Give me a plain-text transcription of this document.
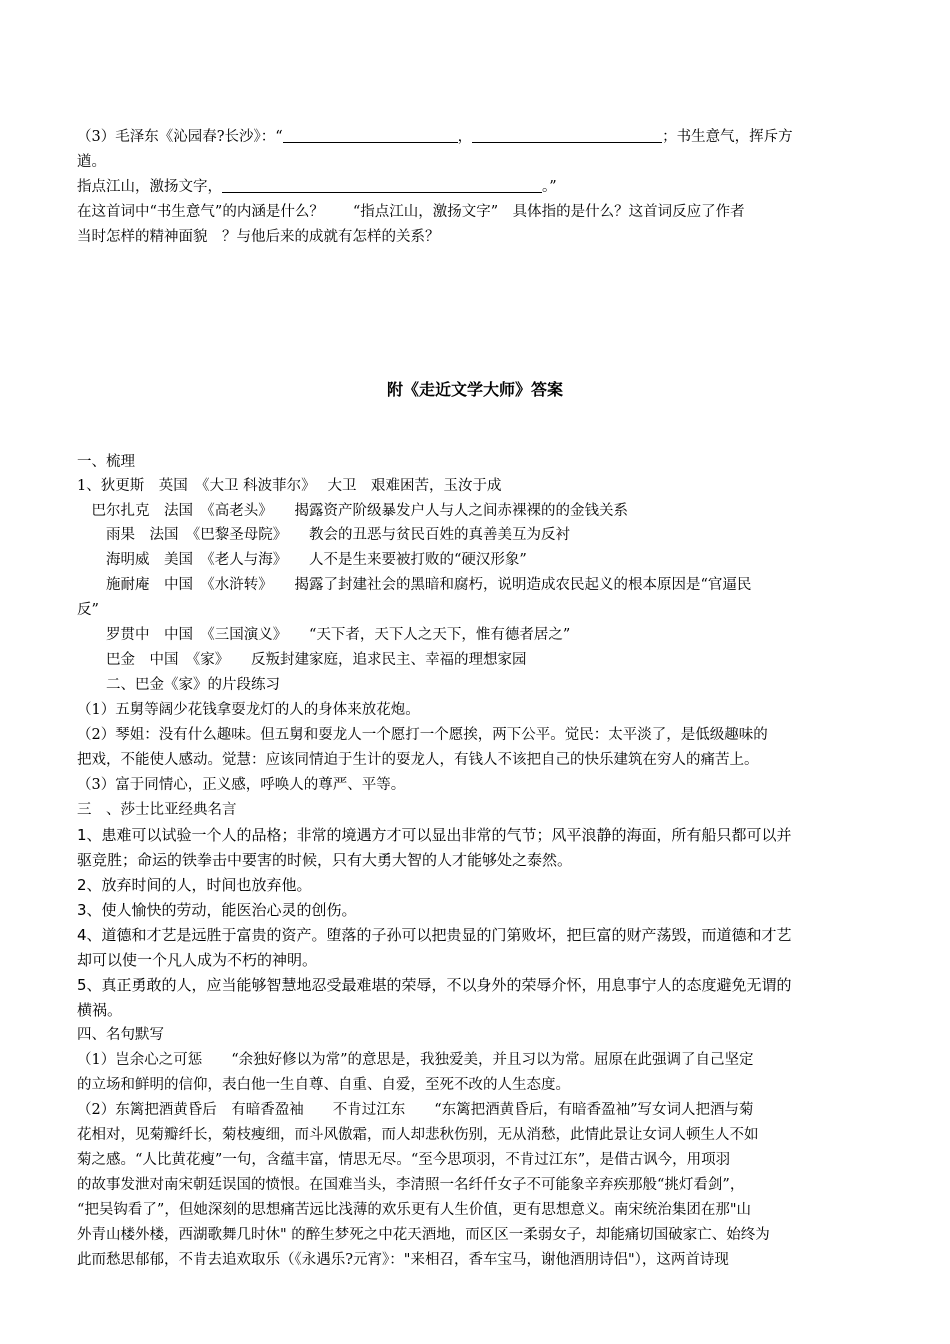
（3）毛泽东《沁园春?长沙》：“	，	；书生意气，挥斥方
遒。
指点江山，激扬文字，	。”
在这首词中“书生意气”的内涵是什么？　　“指点江山，激扬文字”　具体指的是什么？这首词反应了作者
当时怎样的精神面貌　？与他后来的成就有怎样的关系？
附《走近文学大师》答案
一、梳理
1、狄更斯　英国　《大卫 科波菲尔》　 大卫　艰难困苦，玉汝于成
　巴尔扎克　法国　《高老头》　　揭露资产阶级暴发户人与人之间赤裸裸的的金钱关系
　　雨果　法国　《巴黎圣母院》　　教会的丑恶与贫民百姓的真善美互为反衬
　　海明威　美国　《老人与海》　　人不是生来要被打败的“硬汉形象”
　　施耐庵　中国　《水浒转》　　揭露了封建社会的黑暗和腐朽，说明造成农民起义的根本原因是“官逼民
反”
　　罗贯中　中国　《三国演义》　　“天下者，天下人之天下，惟有德者居之”
　　巴金　中国　《家》　　反叛封建家庭，追求民主、幸福的理想家园
　　二、巴金《家》的片段练习
（1）五舅等阔少花钱拿耍龙灯的人的身体来放花炮。
（2）琴姐：没有什么趣味。但五舅和耍龙人一个愿打一个愿挨，两下公平。觉民：太平淡了，是低级趣味的
把戏，不能使人感动。觉慧：应该同情迫于生计的耍龙人，有钱人不该把自己的快乐建筑在穷人的痛苦上。
（3）富于同情心，正义感，呼唤人的尊严、平等。
三　、莎士比亚经典名言
1、患难可以试验一个人的品格；非常的境遇方才可以显出非常的气节；风平浪静的海面，所有船只都可以并
驱竞胜；命运的铁拳击中要害的时候，只有大勇大智的人才能够处之泰然。
2、放弃时间的人，时间也放弃他。
3、使人愉快的劳动，能医治心灵的创伤。
4、道德和才艺是远胜于富贵的资产。堕落的子孙可以把贵显的门第败坏，把巨富的财产荡毁，而道德和才艺
却可以使一个凡人成为不朽的神明。
5、真正勇敢的人，应当能够智慧地忍受最难堪的荣辱，不以身外的荣辱介怀，用息事宁人的态度避免无谓的
横祸。
四、名句默写
（1）岂余心之可惩　　“余独好修以为常”的意思是，我独爱美，并且习以为常。屈原在此强调了自己坚定
的立场和鲜明的信仰，表白他一生自尊、自重、自爱，至死不改的人生态度。
（2）东篱把酒黄昏后　有暗香盈袖　　不肯过江东　　“东篱把酒黄昏后，有暗香盈袖”写女词人把酒与菊
花相对，见菊瓣纤长，菊枝瘦细，而斗风傲霜，而人却悲秋伤别，无从消愁，此情此景让女词人顿生人不如
菊之感。“人比黄花瘦”一句，含蕴丰富，情思无尽。“至今思项羽，不肯过江东”，是借古讽今，用项羽
的故事发泄对南宋朝廷误国的愤恨。在国难当头，李清照一名纤仟女子不可能象辛弃疾那般“挑灯看剑”，
“把吴钩看了”，但她深刻的思想痛苦远比浅薄的欢乐更有人生价值，更有思想意义。南宋统治集团在那"山
外青山楼外楼，西湖歌舞几时休" 的醉生梦死之中花天酒地，而区区一柔弱女子，却能痛切国破家亡、始终为
此而愁思郁郁，不肯去追欢取乐（《永遇乐?元宵》："来相召，香车宝马，谢他酒朋诗侣"），这两首诗现
